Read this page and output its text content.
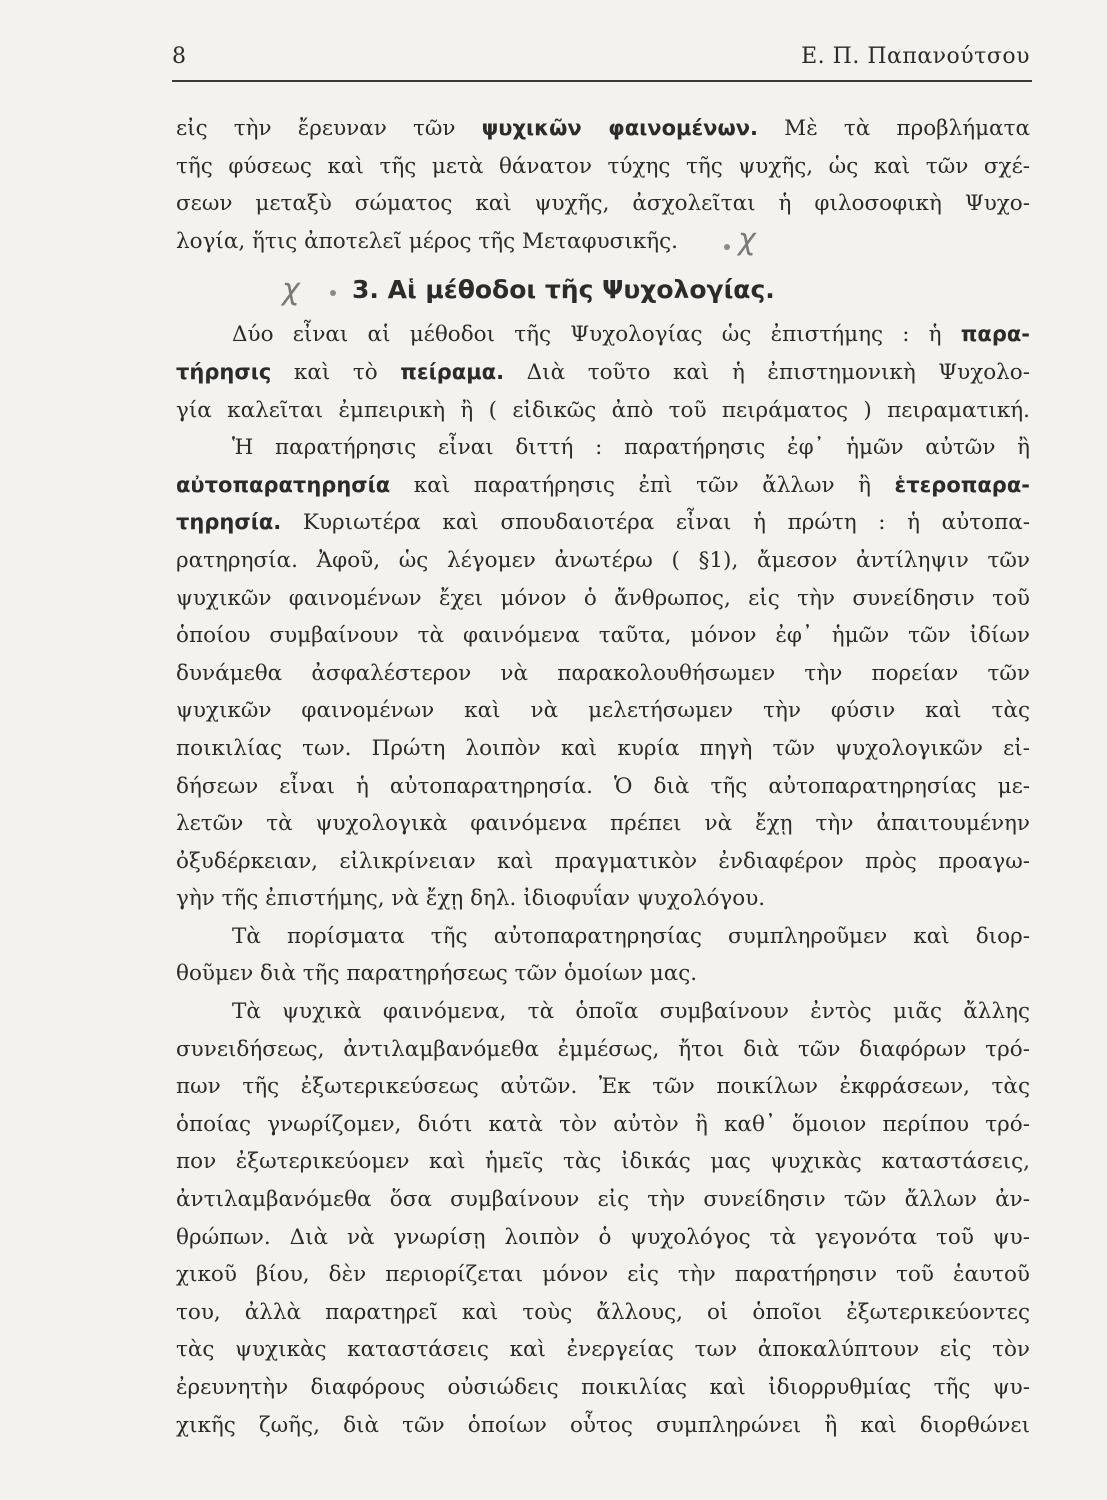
8	Ε. Π. Παπανούτσου
χ
χ
εἰς τὴν ἔρευναν τῶν ψυχικῶν φαινομένων. Μὲ τὰ προβλήματα
τῆς φύσεως καὶ τῆς μετὰ θάνατον τύχης τῆς ψυχῆς, ὡς καὶ τῶν σχέ-
σεων μεταξὺ σώματος καὶ ψυχῆς, ἀσχολεῖται ἡ φιλοσοφικὴ Ψυχο-
λογία, ἥτις ἀποτελεῖ μέρος τῆς Μεταφυσικῆς.
3. Αἱ μέθοδοι τῆς Ψυχολογίας.
Δύο εἶναι αἱ μέθοδοι τῆς Ψυχολογίας ὡς ἐπιστήμης : ἡ παρα-
τήρησις καὶ τὸ πείραμα. Διὰ τοῦτο καὶ ἡ ἐπιστημονικὴ Ψυχολο-
γία καλεῖται ἐμπειρικὴ ἢ ( εἰδικῶς ἀπὸ τοῦ πειράματος ) πειραματική.
Ἡ παρατήρησις εἶναι διττή : παρατήρησις ἐφ᾽ ἡμῶν αὐτῶν ἢ
αὐτοπαρατηρησία καὶ παρατήρησις ἐπὶ τῶν ἄλλων ἢ ἑτεροπαρα-
τηρησία. Κυριωτέρα καὶ σπουδαιοτέρα εἶναι ἡ πρώτη : ἡ αὐτοπα-
ρατηρησία. Ἀφοῦ, ὡς λέγομεν ἀνωτέρω ( §1), ἄμεσον ἀντίληψιν τῶν
ψυχικῶν φαινομένων ἔχει μόνον ὁ ἄνθρωπος, εἰς τὴν συνείδησιν τοῦ
ὁποίου συμβαίνουν τὰ φαινόμενα ταῦτα, μόνον ἐφ᾽ ἡμῶν τῶν ἰδίων
δυνάμεθα ἀσφαλέστερον νὰ παρακολουθήσωμεν τὴν πορείαν τῶν
ψυχικῶν φαινομένων καὶ νὰ μελετήσωμεν τὴν φύσιν καὶ τὰς
ποικιλίας των. Πρώτη λοιπὸν καὶ κυρία πηγὴ τῶν ψυχολογικῶν εἰ-
δήσεων εἶναι ἡ αὐτοπαρατηρησία. Ὁ διὰ τῆς αὐτοπαρατηρησίας με-
λετῶν τὰ ψυχολογικὰ φαινόμενα πρέπει νὰ ἔχῃ τὴν ἀπαιτουμένην
ὀξυδέρκειαν, εἰλικρίνειαν καὶ πραγματικὸν ἐνδιαφέρον πρὸς προαγω-
γὴν τῆς ἐπιστήμης, νὰ ἔχῃ δηλ. ἰδιοφυΐαν ψυχολόγου.
Τὰ πορίσματα τῆς αὐτοπαρατηρησίας συμπληροῦμεν καὶ διορ-
θοῦμεν διὰ τῆς παρατηρήσεως τῶν ὁμοίων μας.
Τὰ ψυχικὰ φαινόμενα, τὰ ὁποῖα συμβαίνουν ἐντὸς μιᾶς ἄλλης
συνειδήσεως, ἀντιλαμβανόμεθα ἐμμέσως, ἤτοι διὰ τῶν διαφόρων τρό-
πων τῆς ἐξωτερικεύσεως αὐτῶν. Ἐκ τῶν ποικίλων ἐκφράσεων, τὰς
ὁποίας γνωρίζομεν, διότι κατὰ τὸν αὐτὸν ἢ καθ᾽ ὅμοιον περίπου τρό-
πον ἐξωτερικεύομεν καὶ ἡμεῖς τὰς ἰδικάς μας ψυχικὰς καταστάσεις,
ἀντιλαμβανόμεθα ὅσα συμβαίνουν εἰς τὴν συνείδησιν τῶν ἄλλων ἀν-
θρώπων. Διὰ νὰ γνωρίσῃ λοιπὸν ὁ ψυχολόγος τὰ γεγονότα τοῦ ψυ-
χικοῦ βίου, δὲν περιορίζεται μόνον εἰς τὴν παρατήρησιν τοῦ ἑαυτοῦ
του, ἀλλὰ παρατηρεῖ καὶ τοὺς ἄλλους, οἱ ὁποῖοι ἐξωτερικεύοντες
τὰς ψυχικὰς καταστάσεις καὶ ἐνεργείας των ἀποκαλύπτουν εἰς τὸν
ἐρευνητὴν διαφόρους οὐσιώδεις ποικιλίας καὶ ἰδιορρυθμίας τῆς ψυ-
χικῆς ζωῆς, διὰ τῶν ὁποίων οὗτος συμπληρώνει ἢ καὶ διορθώνει
